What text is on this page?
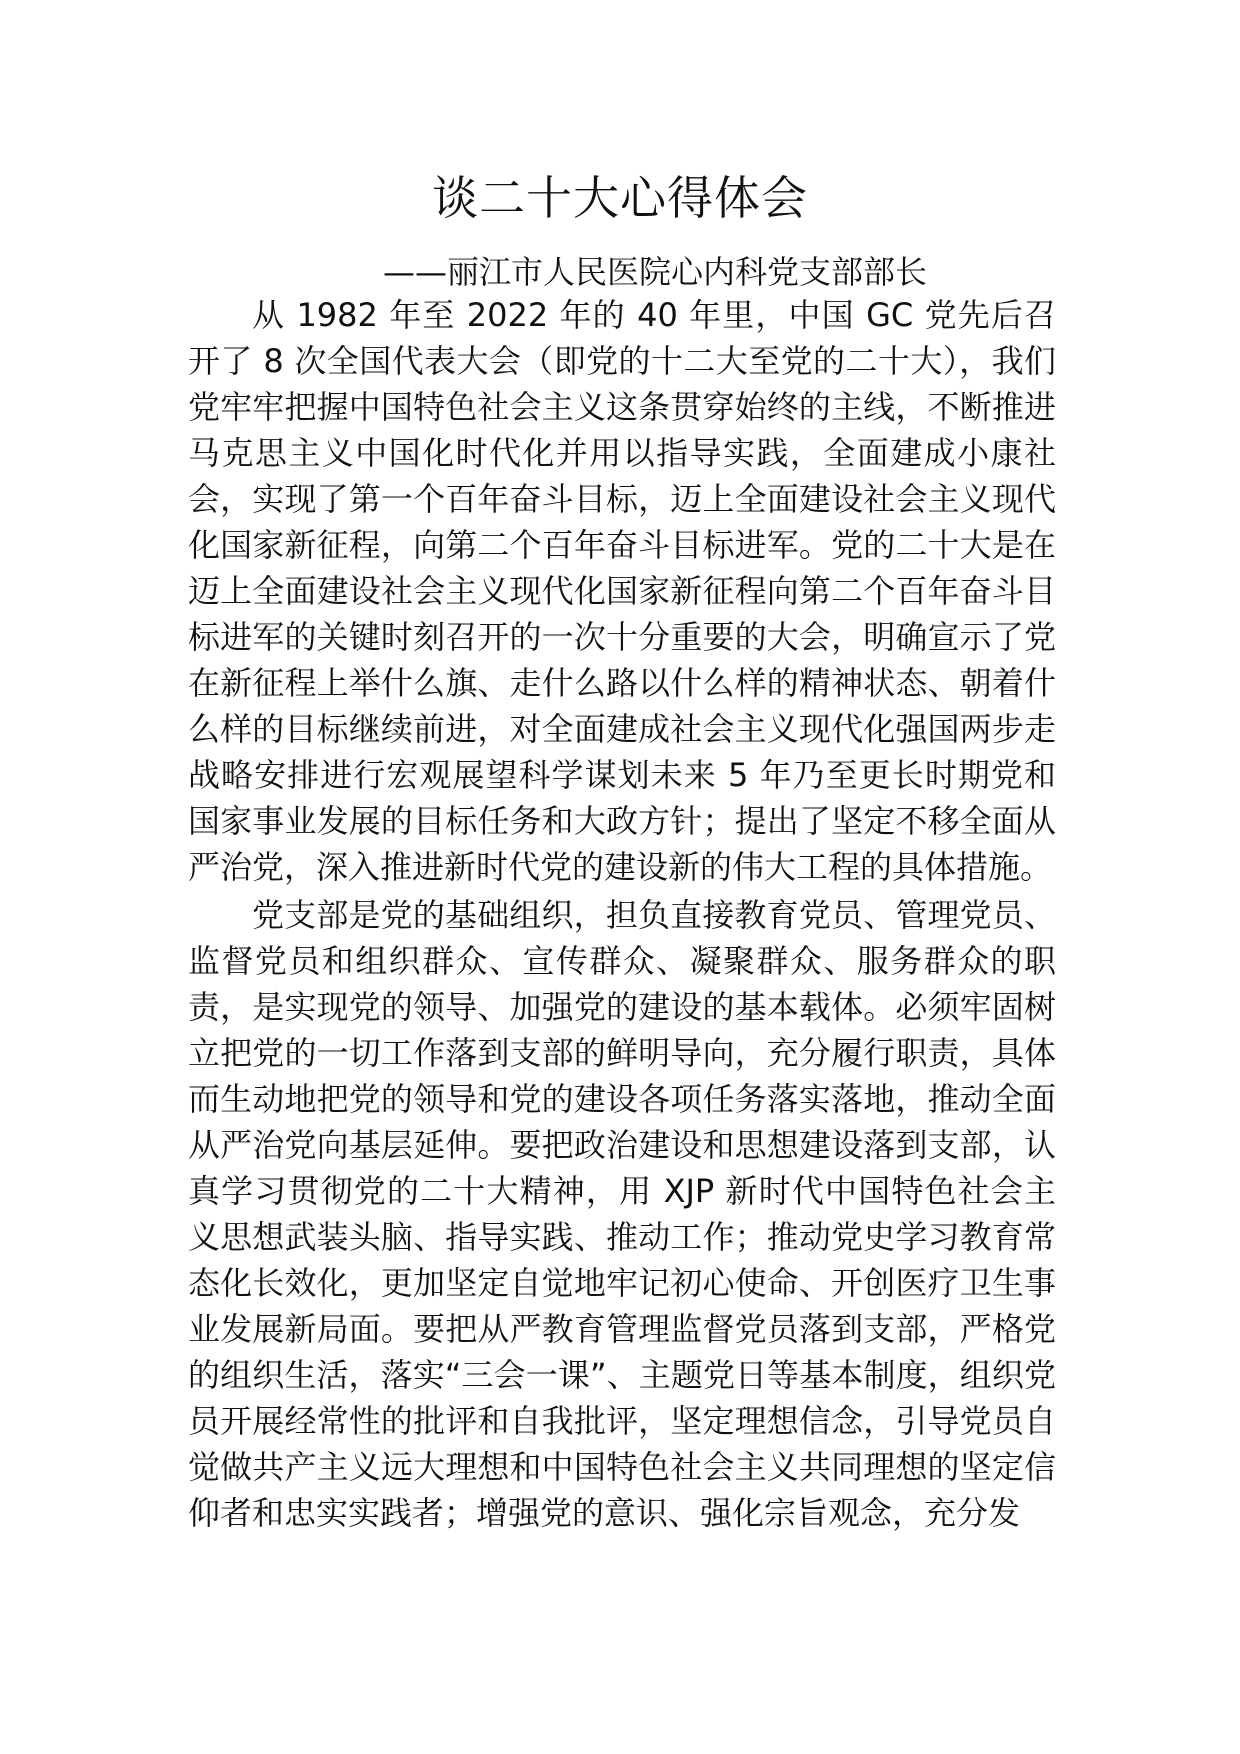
谈二十大心得体会
——丽江市人民医院心内科党支部部长

从 1982 年至 2022 年的 40 年里，中国 GC 党先后召开了 8 次全国代表大会（即党的十二大至党的二十大），我们党牢牢把握中国特色社会主义这条贯穿始终的主线，不断推进马克思主义中国化时代化并用以指导实践，全面建成小康社会，实现了第一个百年奋斗目标，迈上全面建设社会主义现代化国家新征程，向第二个百年奋斗目标进军。党的二十大是在迈上全面建设社会主义现代化国家新征程向第二个百年奋斗目标进军的关键时刻召开的一次十分重要的大会，明确宣示了党在新征程上举什么旗、走什么路以什么样的精神状态、朝着什么样的目标继续前进，对全面建成社会主义现代化强国两步走战略安排进行宏观展望科学谋划未来 5 年乃至更长时期党和国家事业发展的目标任务和大政方针；提出了坚定不移全面从严治党，深入推进新时代党的建设新的伟大工程的具体措施。

党支部是党的基础组织，担负直接教育党员、管理党员、监督党员和组织群众、宣传群众、凝聚群众、服务群众的职责，是实现党的领导、加强党的建设的基本载体。必须牢固树立把党的一切工作落到支部的鲜明导向，充分履行职责，具体而生动地把党的领导和党的建设各项任务落实落地，推动全面从严治党向基层延伸。要把政治建设和思想建设落到支部，认真学习贯彻党的二十大精神，用 XJP 新时代中国特色社会主义思想武装头脑、指导实践、推动工作；推动党史学习教育常态化长效化，更加坚定自觉地牢记初心使命、开创医疗卫生事业发展新局面。要把从严教育管理监督党员落到支部，严格党的组织生活，落实“三会一课”、主题党日等基本制度，组织党员开展经常性的批评和自我批评，坚定理想信念，引导党员自觉做共产主义远大理想和中国特色社会主义共同理想的坚定信仰者和忠实实践者；增强党的意识、强化宗旨观念，充分发
